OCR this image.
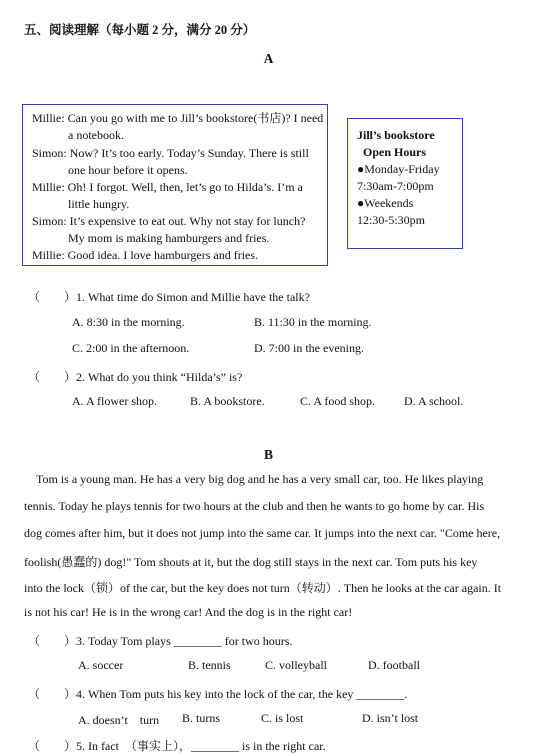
五、阅读理解（每小题 2 分，满分 20 分）
A
Millie: Can you go with me to Jill’s bookstore(书店)? I need
a notebook.
Simon: Now? It’s too early. Today’s Sunday. There is still
one hour before it opens.
Millie: Oh! I forgot. Well, then, let’s go to Hilda’s. I’m a
little hungry.
Simon: It’s expensive to eat out. Why not stay for lunch?
My mom is making hamburgers and fries.
Millie: Good idea. I love hamburgers and fries.
Jill’s bookstore
Open Hours
●Monday-Friday
7:30am-7:00pm
●Weekends
12:30-5:30pm
（　　）1. What time do Simon and Millie have the talk?
A. 8:30 in the morning.	B. 11:30 in the morning.
C. 2:00 in the afternoon.	D. 7:00 in the evening.
（　　）2. What do you think “Hilda’s” is?
A. A flower shop.	B. A bookstore.	C. A food shop. D. A school.
B
Tom is a young man. He has a very big dog and he has a very small car, too. He likes playing
tennis. Today he plays tennis for two hours at the club and then he wants to go home by car. His
dog comes after him, but it does not jump into the same car. It jumps into the next car. "Come here,
foolish(愚蠢的) dog!" Tom shouts at it, but the dog still stays in the next car. Tom puts his key
into the lock（锁）of the car, but the key does not turn（转动）. Then he looks at the car again. It
is not his car! He is in the wrong car! And the dog is in the right car!
（　　）3. Today Tom plays ________ for two hours.
A. soccer	B. tennis	C. volleyball	D. football
（　　）4. When Tom puts his key into the lock of the car, the key ________.
A. doesn’t　turn B. turns	C. is lost	D. isn’t lost
（　　）5. In fact　（事实上），________ is in the right car.
